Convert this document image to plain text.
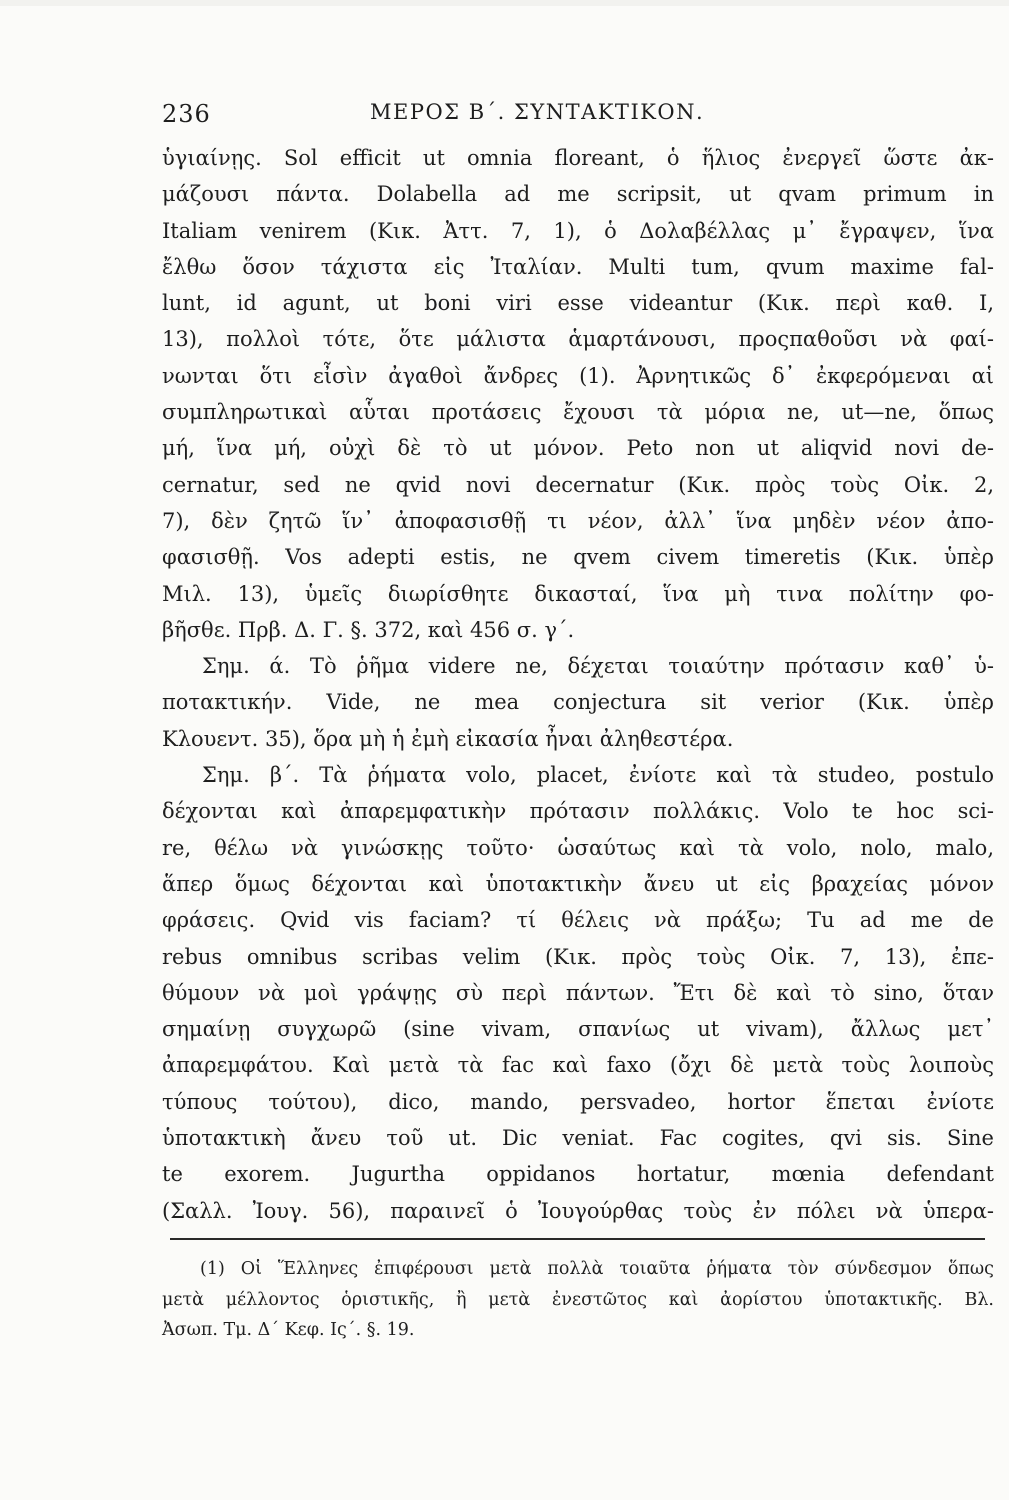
236	ΜΕΡΟΣ Β΄. ΣΥΝΤΑΚΤΙΚΟΝ.
ὑγιαίνῃς. Sol efficit ut omnia floreant, ὁ ἥλιος ἐνεργεῖ ὥστε ἀκ-
μάζουσι πάντα. Dolabella ad me scripsit, ut qvam primum in
Italiam venirem (Κικ. Ἀττ. 7, 1), ὁ Δολαβέλλας μ᾽ ἔγραψεν, ἵνα
ἔλθω ὅσον τάχιστα εἰς Ἰταλίαν. Multi tum, qvum maxime fal-
lunt, id agunt, ut boni viri esse videantur (Κικ. περὶ καθ. I,
13), πολλοὶ τότε, ὅτε μάλιστα ἁμαρτάνουσι, προςπαθοῦσι νὰ φαί-
νωνται ὅτι εἶσὶν ἀγαθοὶ ἄνδρες (1). Ἀρνητικῶς δ᾽ ἐκφερόμεναι αἱ
συμπληρωτικαὶ αὗται προτάσεις ἔχουσι τὰ μόρια ne, ut—ne, ὅπως
μή, ἵνα μή, οὐχὶ δὲ τὸ ut μόνον. Peto non ut aliqvid novi de-
cernatur, sed ne qvid novi decernatur (Κικ. πρὸς τοὺς Οἰκ. 2,
7), δὲν ζητῶ ἵν᾽ ἀποφασισθῇ τι νέον, ἀλλ᾽ ἵνα μηδὲν νέον ἀπο-
φασισθῇ. Vos adepti estis, ne qvem civem timeretis (Κικ. ὑπὲρ
Μιλ. 13), ὑμεῖς διωρίσθητε δικασταί, ἵνα μὴ τινα πολίτην φο-
βῆσθε. Πρβ. Δ. Γ. §. 372, καὶ 456 σ. γ΄.
Σημ. ά. Τὸ ῥῆμα videre ne, δέχεται τοιαύτην πρότασιν καθ᾽ ὑ-
ποτακτικήν. Vide, ne mea conjectura sit verior (Κικ. ὑπὲρ
Κλουεντ. 35), ὅρα μὴ ἡ ἐμὴ εἰκασία ἦναι ἀληθεστέρα.
Σημ. β΄. Τὰ ῥήματα volo, placet, ἐνίοτε καὶ τὰ studeo, postulo
δέχονται καὶ ἀπαρεμφατικὴν πρότασιν πολλάκις. Volo te hoc sci-
re, θέλω νὰ γινώσκῃς τοῦτο· ὡσαύτως καὶ τὰ volo, nolo, malo,
ἅπερ ὅμως δέχονται καὶ ὑποτακτικὴν ἄνευ ut εἰς βραχείας μόνον
φράσεις. Qvid vis faciam? τί θέλεις νὰ πράξω; Tu ad me de
rebus omnibus scribas velim (Κικ. πρὸς τοὺς Οἰκ. 7, 13), ἐπε-
θύμουν νὰ μοὶ γράψῃς σὺ περὶ πάντων. Ἔτι δὲ καὶ τὸ sino, ὅταν
σημαίνῃ συγχωρῶ (sine vivam, σπανίως ut vivam), ἄλλως μετ᾽
ἀπαρεμφάτου. Καὶ μετὰ τὰ fac καὶ faxo (ὄχι δὲ μετὰ τοὺς λοιποὺς
τύπους τούτου), dico, mando, persvadeo, hortor ἕπεται ἐνίοτε
ὑποτακτικὴ ἄνευ τοῦ ut. Dic veniat. Fac cogites, qvi sis. Sine
te exorem. Jugurtha oppidanos hortatur, mœnia defendant
(Σαλλ. Ἰουγ. 56), παραινεῖ ὁ Ἰουγούρθας τοὺς ἐν πόλει νὰ ὑπερα-
(1) Οἱ Ἕλληνες ἐπιφέρουσι μετὰ πολλὰ τοιαῦτα ῥήματα τὸν σύνδεσμον ὅπως
μετὰ μέλλοντος ὁριστικῆς, ἢ μετὰ ἐνεστῶτος καὶ ἀορίστου ὑποτακτικῆς. Βλ.
Ἀσωπ. Τμ. Δ΄ Κεφ. Ις΄. §. 19.
